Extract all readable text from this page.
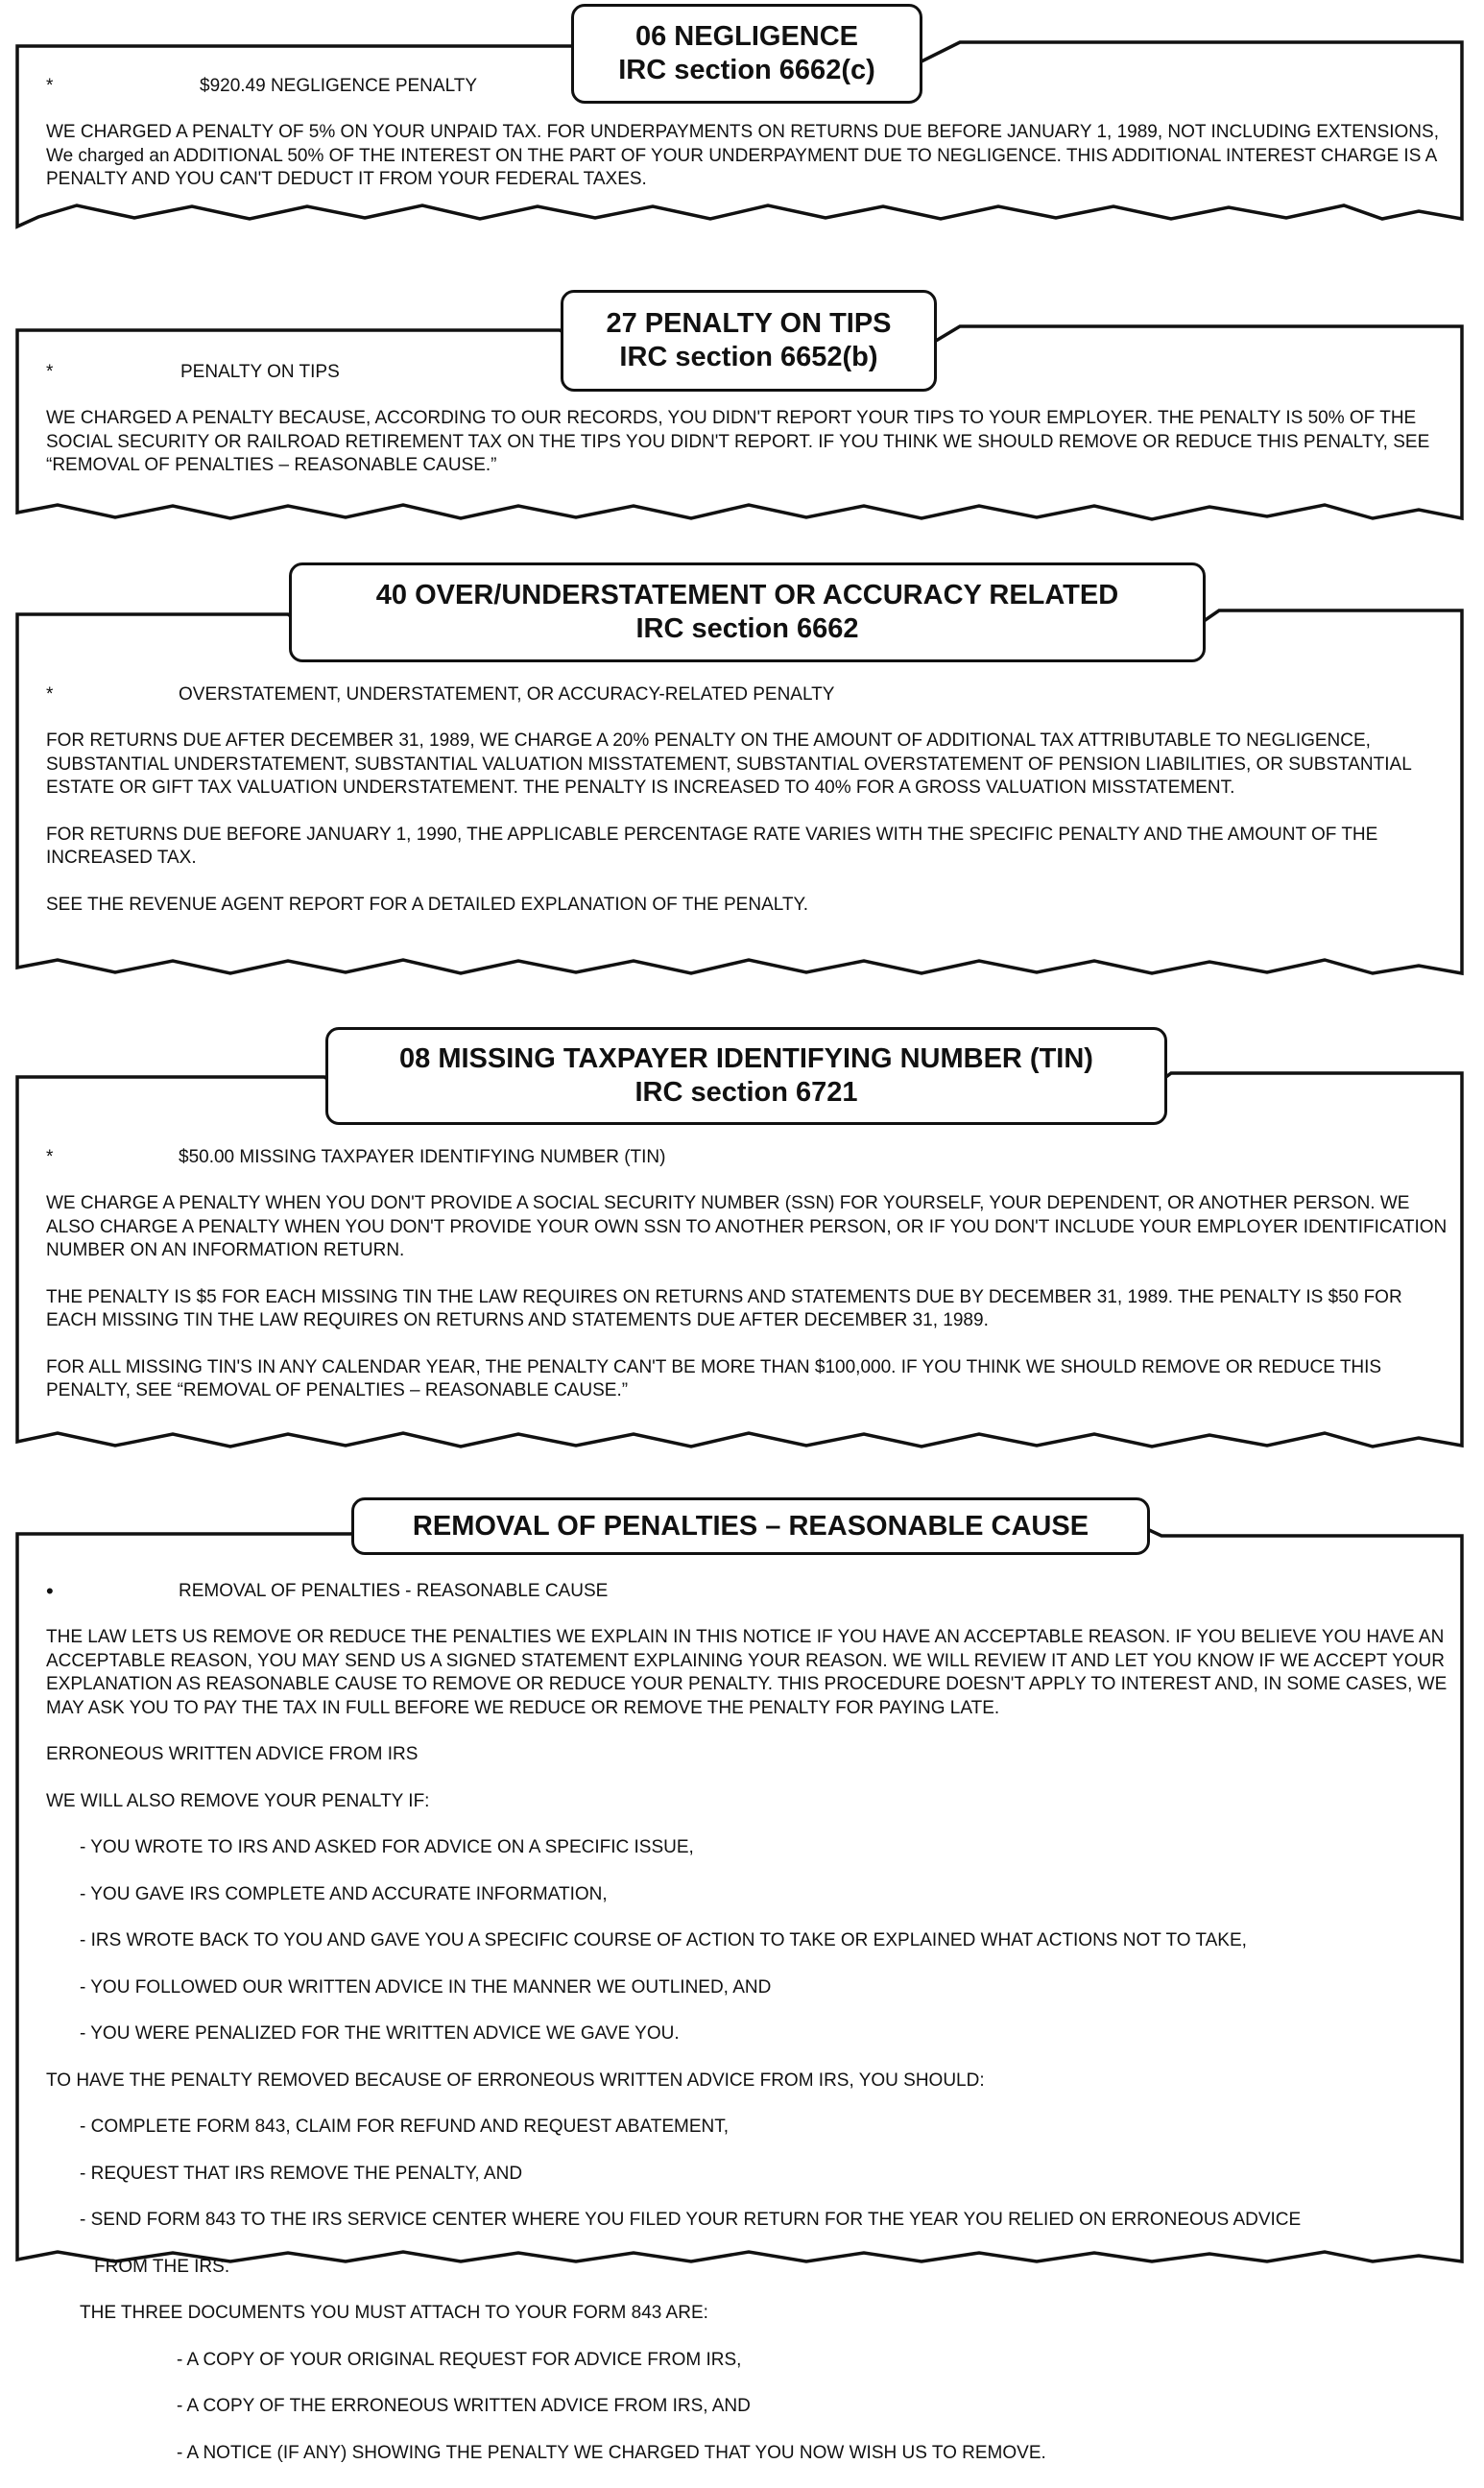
06 NEGLIGENCE
IRC section 6662(c)
*	$920.49 NEGLIGENCE PENALTY

WE CHARGED A PENALTY OF 5% ON YOUR UNPAID TAX. FOR UNDERPAYMENTS ON RETURNS DUE BEFORE JANUARY 1, 1989, NOT INCLUDING EXTENSIONS, We charged an ADDITIONAL 50% OF THE INTEREST ON THE PART OF YOUR UNDERPAYMENT DUE TO NEGLIGENCE. THIS ADDITIONAL INTEREST CHARGE IS A PENALTY AND YOU CAN'T DEDUCT IT FROM YOUR FEDERAL TAXES.

27 PENALTY ON TIPS
IRC section 6652(b)
*	PENALTY ON TIPS

WE CHARGED A PENALTY BECAUSE, ACCORDING TO OUR RECORDS, YOU DIDN'T REPORT YOUR TIPS TO YOUR EMPLOYER. THE PENALTY IS 50% OF THE SOCIAL SECURITY OR RAILROAD RETIREMENT TAX ON THE TIPS YOU DIDN'T REPORT. IF YOU THINK WE SHOULD REMOVE OR REDUCE THIS PENALTY, SEE “REMOVAL OF PENALTIES – REASONABLE CAUSE.”

40 OVER/UNDERSTATEMENT OR ACCURACY RELATED
IRC section 6662
*	OVERSTATEMENT, UNDERSTATEMENT, OR ACCURACY-RELATED PENALTY

FOR RETURNS DUE AFTER DECEMBER 31, 1989, WE CHARGE A 20% PENALTY ON THE AMOUNT OF ADDITIONAL TAX ATTRIBUTABLE TO NEGLIGENCE, SUBSTANTIAL UNDERSTATEMENT, SUBSTANTIAL VALUATION MISSTATEMENT, SUBSTANTIAL OVERSTATEMENT OF PENSION LIABILITIES, OR SUBSTANTIAL ESTATE OR GIFT TAX VALUATION UNDERSTATEMENT. THE PENALTY IS INCREASED TO 40% FOR A GROSS VALUATION MISSTATEMENT.

FOR RETURNS DUE BEFORE JANUARY 1, 1990, THE APPLICABLE PERCENTAGE RATE VARIES WITH THE SPECIFIC PENALTY AND THE AMOUNT OF THE INCREASED TAX.

SEE THE REVENUE AGENT REPORT FOR A DETAILED EXPLANATION OF THE PENALTY.

08 MISSING TAXPAYER IDENTIFYING NUMBER (TIN)
IRC section 6721
*	$50.00 MISSING TAXPAYER IDENTIFYING NUMBER (TIN)

WE CHARGE A PENALTY WHEN YOU DON'T PROVIDE A SOCIAL SECURITY NUMBER (SSN) FOR YOURSELF, YOUR DEPENDENT, OR ANOTHER PERSON. WE ALSO CHARGE A PENALTY WHEN YOU DON'T PROVIDE YOUR OWN SSN TO ANOTHER PERSON, OR IF YOU DON'T INCLUDE YOUR EMPLOYER IDENTIFICATION NUMBER ON AN INFORMATION RETURN.

THE PENALTY IS $5 FOR EACH MISSING TIN THE LAW REQUIRES ON RETURNS AND STATEMENTS DUE BY DECEMBER 31, 1989. THE PENALTY IS $50 FOR EACH MISSING TIN THE LAW REQUIRES ON RETURNS AND STATEMENTS DUE AFTER DECEMBER 31, 1989.

FOR ALL MISSING TIN'S IN ANY CALENDAR YEAR, THE PENALTY CAN'T BE MORE THAN $100,000. IF YOU THINK WE SHOULD REMOVE OR REDUCE THIS PENALTY, SEE “REMOVAL OF PENALTIES – REASONABLE CAUSE.”

REMOVAL OF PENALTIES – REASONABLE CAUSE
•	REMOVAL OF PENALTIES - REASONABLE CAUSE

THE LAW LETS US REMOVE OR REDUCE THE PENALTIES WE EXPLAIN IN THIS NOTICE IF YOU HAVE AN ACCEPTABLE REASON. IF YOU BELIEVE YOU HAVE AN ACCEPTABLE REASON, YOU MAY SEND US A SIGNED STATEMENT EXPLAINING YOUR REASON. WE WILL REVIEW IT AND LET YOU KNOW IF WE ACCEPT YOUR EXPLANATION AS REASONABLE CAUSE TO REMOVE OR REDUCE YOUR PENALTY. THIS PROCEDURE DOESN'T APPLY TO INTEREST AND, IN SOME CASES, WE MAY ASK YOU TO PAY THE TAX IN FULL BEFORE WE REDUCE OR REMOVE THE PENALTY FOR PAYING LATE.

ERRONEOUS WRITTEN ADVICE FROM IRS

WE WILL ALSO REMOVE YOUR PENALTY IF:

- YOU WROTE TO IRS AND ASKED FOR ADVICE ON A SPECIFIC ISSUE,

- YOU GAVE IRS COMPLETE AND ACCURATE INFORMATION,

- IRS WROTE BACK TO YOU AND GAVE YOU A SPECIFIC COURSE OF ACTION TO TAKE OR EXPLAINED WHAT ACTIONS NOT TO TAKE,

- YOU FOLLOWED OUR WRITTEN ADVICE IN THE MANNER WE OUTLINED, AND

- YOU WERE PENALIZED FOR THE WRITTEN ADVICE WE GAVE YOU.

TO HAVE THE PENALTY REMOVED BECAUSE OF ERRONEOUS WRITTEN ADVICE FROM IRS, YOU SHOULD:

- COMPLETE FORM 843, CLAIM FOR REFUND AND REQUEST ABATEMENT,

- REQUEST THAT IRS REMOVE THE PENALTY, AND

- SEND FORM 843 TO THE IRS SERVICE CENTER WHERE YOU FILED YOUR RETURN FOR THE YEAR YOU RELIED ON ERRONEOUS ADVICE

FROM THE IRS.

THE THREE DOCUMENTS YOU MUST ATTACH TO YOUR FORM 843 ARE:

- A COPY OF YOUR ORIGINAL REQUEST FOR ADVICE FROM IRS,

- A COPY OF THE ERRONEOUS WRITTEN ADVICE FROM IRS, AND

- A NOTICE (IF ANY) SHOWING THE PENALTY WE CHARGED THAT YOU NOW WISH US TO REMOVE.
